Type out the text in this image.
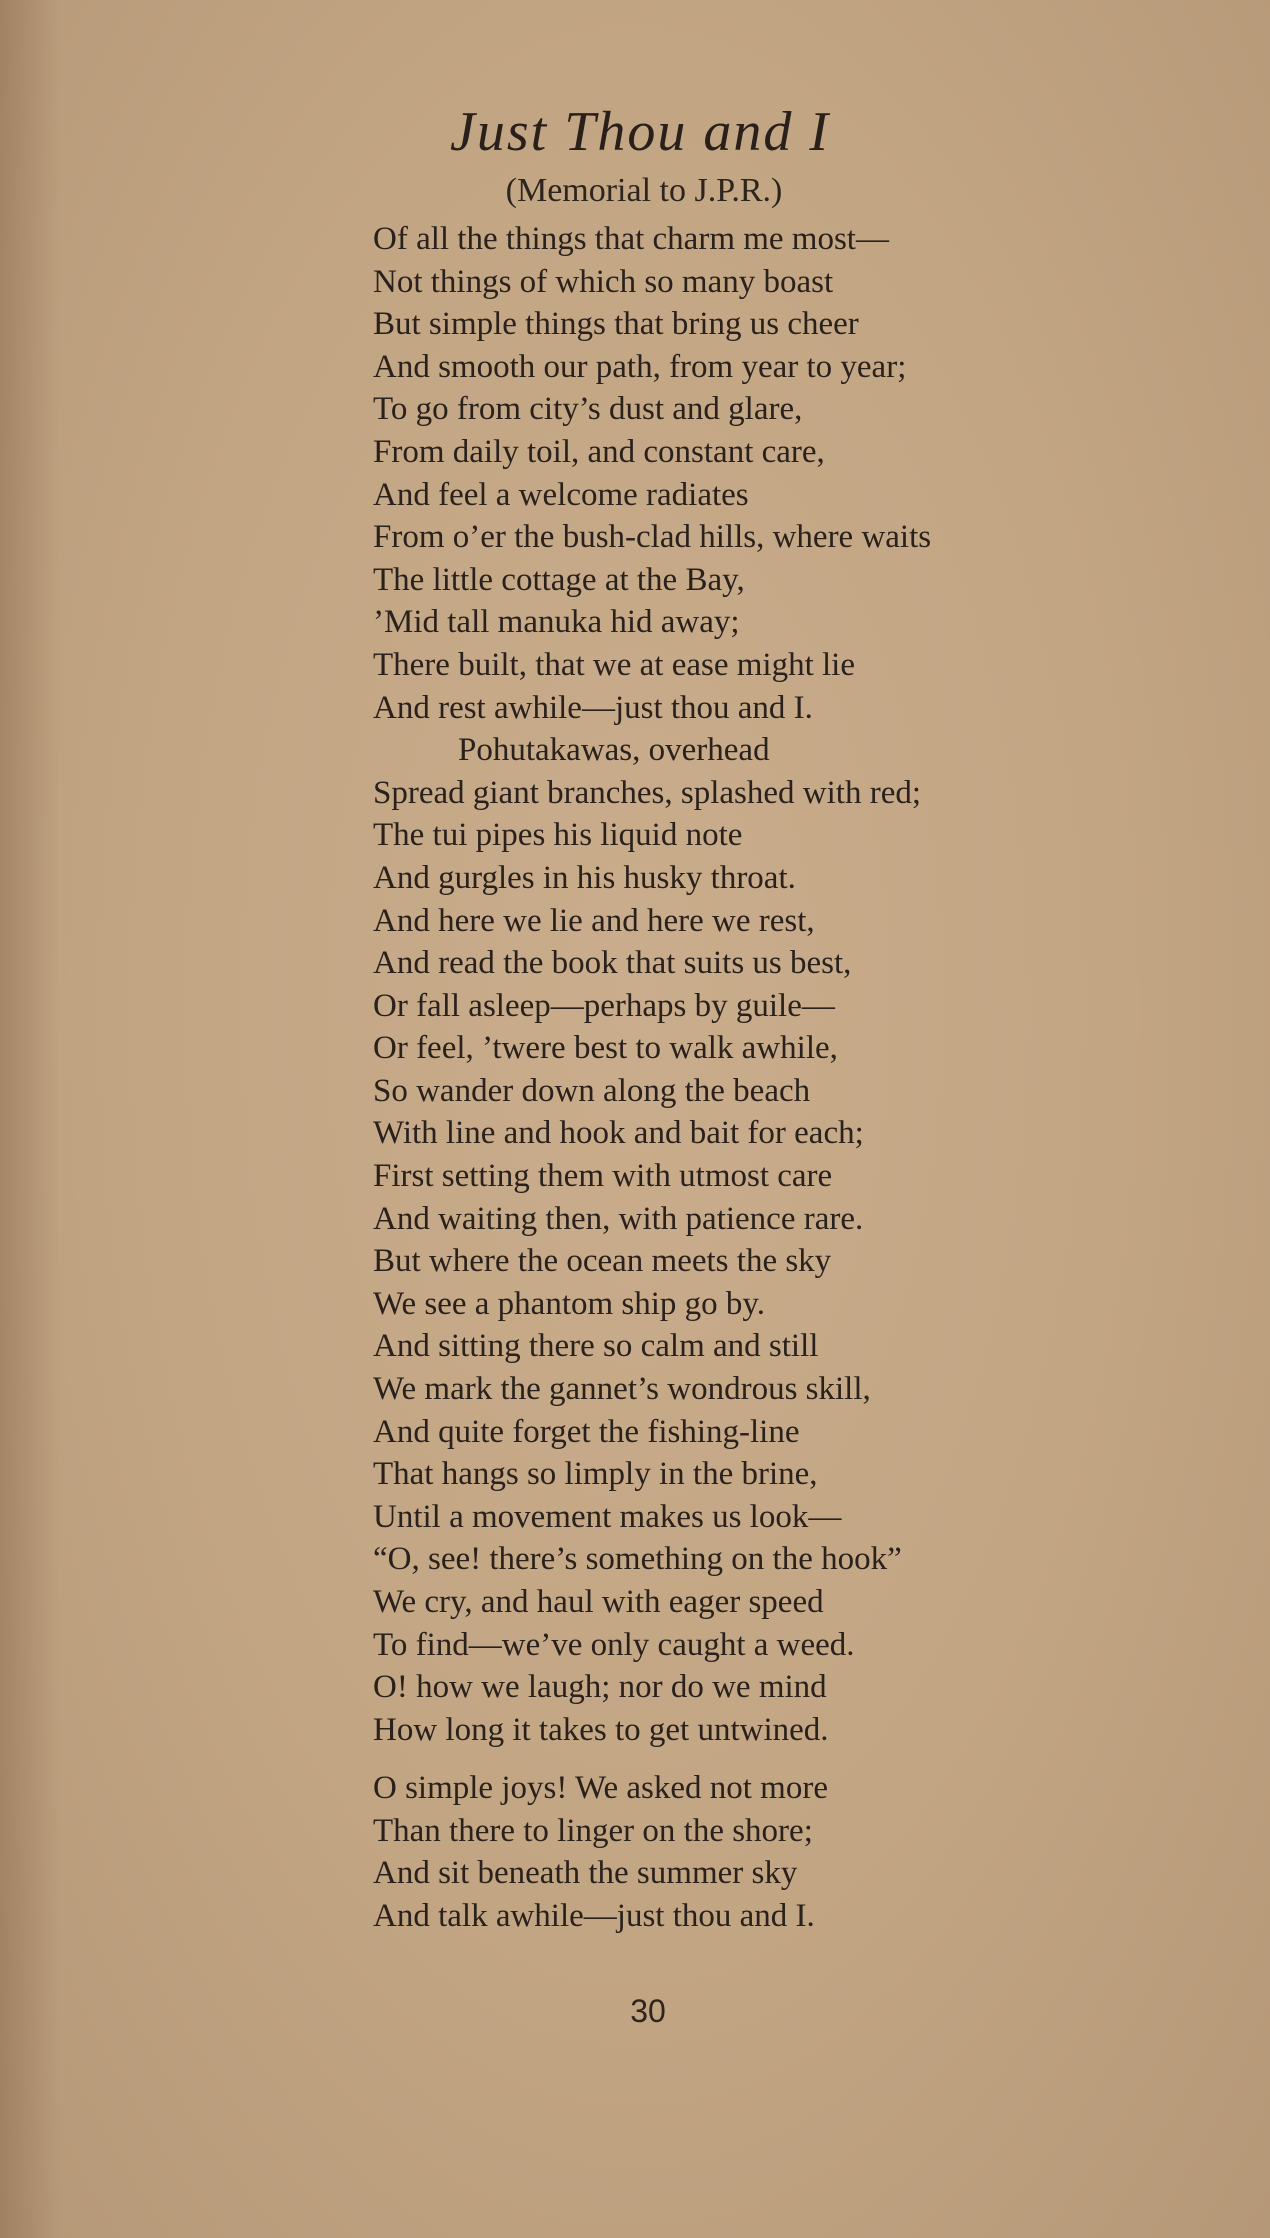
Just Thou and I
(Memorial to J.P.R.)
Of all the things that charm me most—
Not things of which so many boast
But simple things that bring us cheer
And smooth our path, from year to year;
To go from city’s dust and glare,
From daily toil, and constant care,
And feel a welcome radiates
From o’er the bush-clad hills, where waits
The little cottage at the Bay,
’Mid tall manuka hid away;
There built, that we at ease might lie
And rest awhile—just thou and I.
Pohutakawas, overhead
Spread giant branches, splashed with red;
The tui pipes his liquid note
And gurgles in his husky throat.
And here we lie and here we rest,
And read the book that suits us best,
Or fall asleep—perhaps by guile—
Or feel, ’twere best to walk awhile,
So wander down along the beach
With line and hook and bait for each;
First setting them with utmost care
And waiting then, with patience rare.
But where the ocean meets the sky
We see a phantom ship go by.
And sitting there so calm and still
We mark the gannet’s wondrous skill,
And quite forget the fishing-line
That hangs so limply in the brine,
Until a movement makes us look—
“O, see! there’s something on the hook”
We cry, and haul with eager speed
To find—we’ve only caught a weed.
O! how we laugh; nor do we mind
How long it takes to get untwined.
O simple joys! We asked not more
Than there to linger on the shore;
And sit beneath the summer sky
And talk awhile—just thou and I.
30
